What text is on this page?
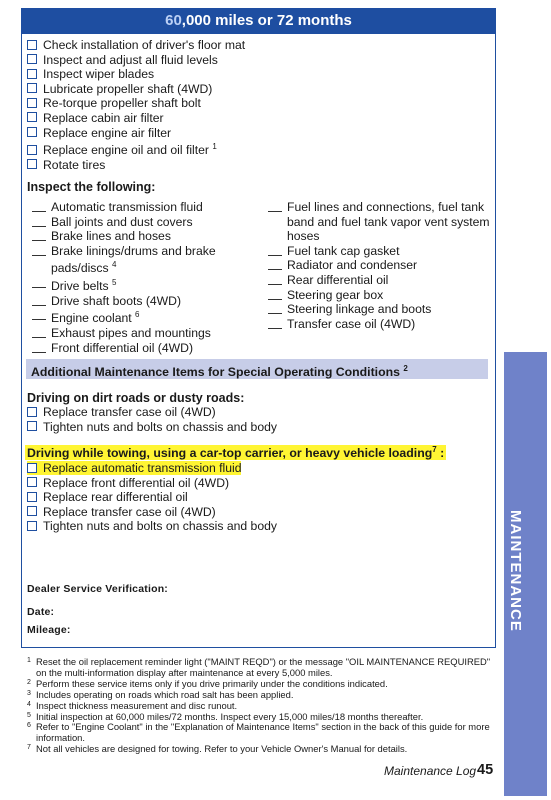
60,000 miles or 72 months
Check installation of driver's floor mat
Inspect and adjust all fluid levels
Inspect wiper blades
Lubricate propeller shaft (4WD)
Re-torque propeller shaft bolt
Replace cabin air filter
Replace engine air filter
Replace engine oil and oil filter $^1$
Rotate tires
Inspect the following:
Automatic transmission fluid
Ball joints and dust covers
Brake lines and hoses
Brake linings/drums and brake
pads/discs $^4$
Drive belts $^5$
Drive shaft boots (4WD)
Engine coolant $^6$
Exhaust pipes and mountings
Front differential oil (4WD)
Fuel lines and connections, fuel tank
band and fuel tank vapor vent system
hoses
Fuel tank cap gasket
Radiator and condenser
Rear differential oil
Steering gear box
Steering linkage and boots
Transfer case oil (4WD)
Additional Maintenance Items for Special Operating Conditions $^2$
Driving on dirt roads or dusty roads:
Replace transfer case oil (4WD)
Tighten nuts and bolts on chassis and body
Driving while towing, using a car-top carrier, or heavy vehicle loading$^7$ :
Replace automatic transmission fluid
Replace front differential oil (4WD)
Replace rear differential oil
Replace transfer case oil (4WD)
Tighten nuts and bolts on chassis and body
Dealer Service Verification:
Date:
Mileage:	MAINTENANCE
1 Reset the oil replacement reminder light ("MAINT REQD") or the message "OIL MAINTENANCE REQUIRED" on the multi-information display after maintenance at every 5,000 miles.
2 Perform these service items only if you drive primarily under the conditions indicated.
3 Includes operating on roads which road salt has been applied.
4 Inspect thickness measurement and disc runout.
5 Initial inspection at 60,000 miles/72 months. Inspect every 15,000 miles/18 months thereafter.
6 Refer to "Engine Coolant" in the "Explanation of Maintenance Items" section in the back of this guide for more information.
7 Not all vehicles are designed for towing. Refer to your Vehicle Owner's Manual for details.
Maintenance Log 45
